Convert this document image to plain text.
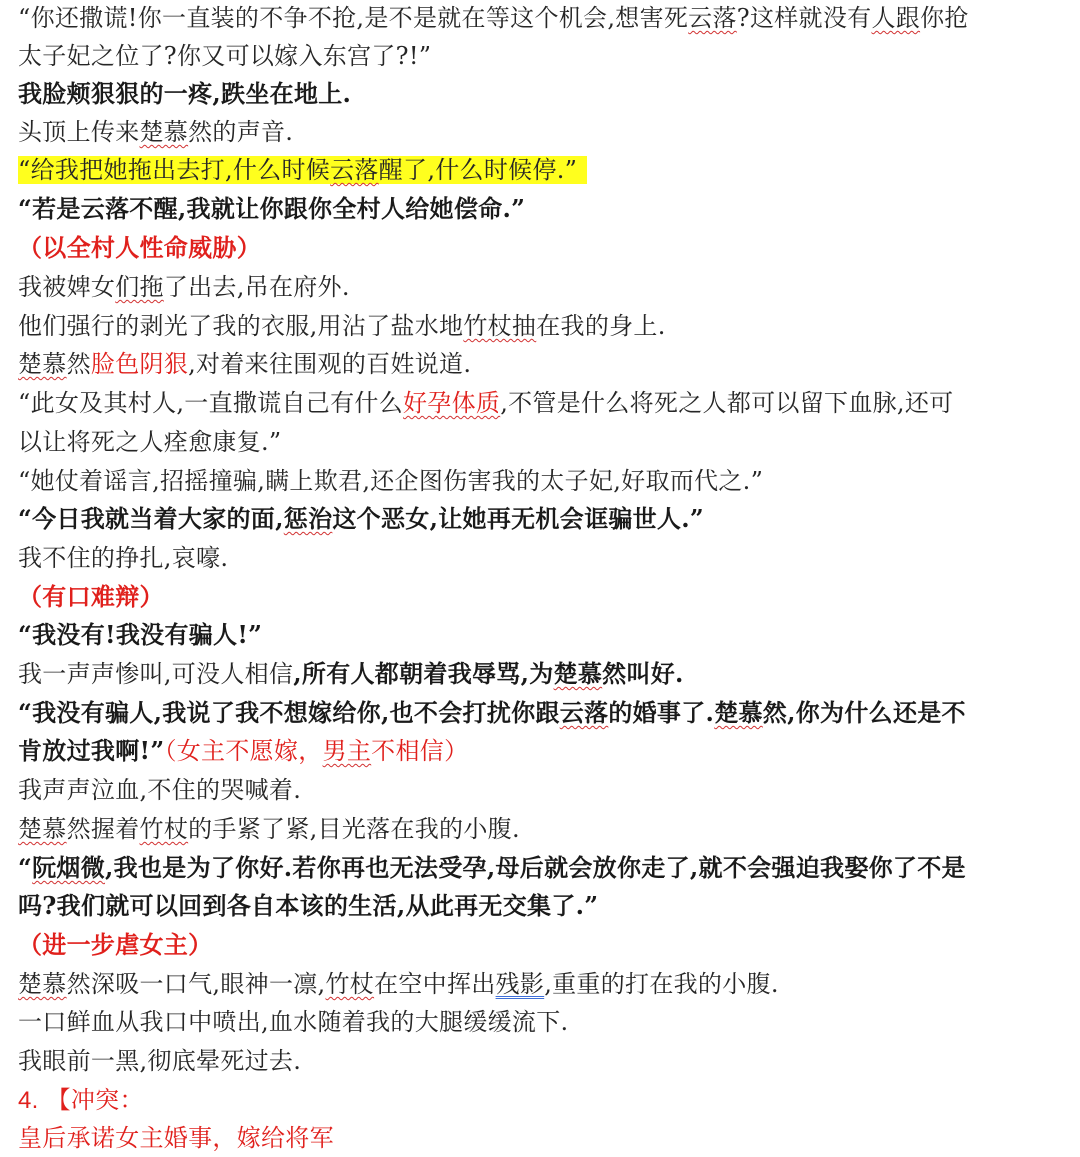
“你还撒谎!你一直装的不争不抢,是不是就在等这个机会,想害死云落?这样就没有人跟你抢
太子妃之位了?你又可以嫁入东宫了?!”
我脸颊狠狠的一疼,跌坐在地上.
头顶上传来楚慕然的声音.
“给我把她拖出去打,什么时候云落醒了,什么时候停.”
“若是云落不醒,我就让你跟你全村人给她偿命.”
（以全村人性命威胁）
我被婢女们拖了出去,吊在府外.
他们强行的剥光了我的衣服,用沾了盐水地竹杖抽在我的身上.
楚慕然脸色阴狠,对着来往围观的百姓说道.
“此女及其村人,一直撒谎自己有什么好孕体质,不管是什么将死之人都可以留下血脉,还可
以让将死之人痊愈康复.”
“她仗着谣言,招摇撞骗,瞒上欺君,还企图伤害我的太子妃,好取而代之.”
“今日我就当着大家的面,惩治这个恶女,让她再无机会诓骗世人.”
我不住的挣扎,哀嚎.
（有口难辩）
“我没有!我没有骗人!”
我一声声惨叫,可没人相信,所有人都朝着我辱骂,为楚慕然叫好.
“我没有骗人,我说了我不想嫁给你,也不会打扰你跟云落的婚事了.楚慕然,你为什么还是不
肯放过我啊!”（女主不愿嫁，男主不相信）
我声声泣血,不住的哭喊着.
楚慕然握着竹杖的手紧了紧,目光落在我的小腹.
“阮烟微,我也是为了你好.若你再也无法受孕,母后就会放你走了,就不会强迫我娶你了不是
吗?我们就可以回到各自本该的生活,从此再无交集了.”
（进一步虐女主）
楚慕然深吸一口气,眼神一凛,竹杖在空中挥出残影,重重的打在我的小腹.
一口鲜血从我口中喷出,血水随着我的大腿缓缓流下.
我眼前一黑,彻底晕死过去.
4. 【冲突：
皇后承诺女主婚事，嫁给将军
